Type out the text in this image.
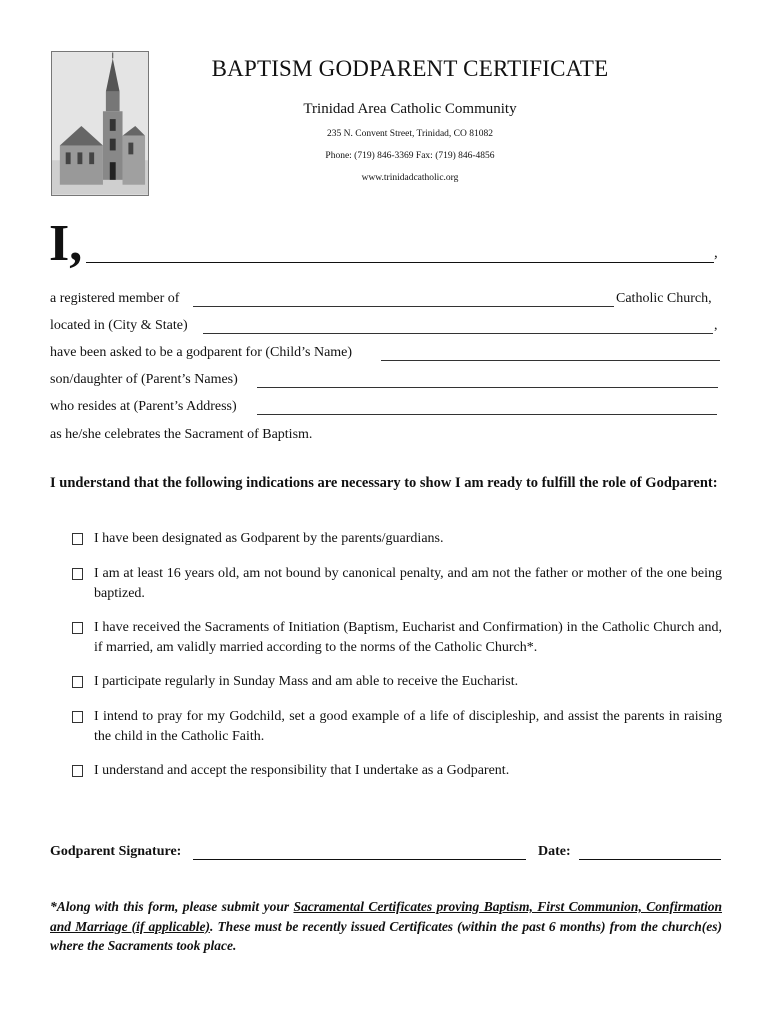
BAPTISM GODPARENT CERTIFICATE
Trinidad Area Catholic Community
235 N. Convent Street, Trinidad, CO 81082
Phone: (719) 846-3369 Fax: (719) 846-4856
www.trinidadcatholic.org
I,	,
a registered member of	Catholic Church,
located in (City & State)	,
have been asked to be a godparent for (Child’s Name)
son/daughter of (Parent’s Names)
who resides at (Parent’s Address)
as he/she celebrates the Sacrament of Baptism.
I understand that the following indications are necessary to show I am ready to fulfill the role of Godparent:
I have been designated as Godparent by the parents/guardians.
I am at least 16 years old, am not bound by canonical penalty, and am not the father or mother of the one being baptized.
I have received the Sacraments of Initiation (Baptism, Eucharist and Confirmation) in the Catholic Church and, if married, am validly married according to the norms of the Catholic Church*.
I participate regularly in Sunday Mass and am able to receive the Eucharist.
I intend to pray for my Godchild, set a good example of a life of discipleship, and assist the parents in raising the child in the Catholic Faith.
I understand and accept the responsibility that I undertake as a Godparent.
Godparent Signature:	Date:
*Along with this form, please submit your Sacramental Certificates proving Baptism, First Communion, Confirmation and Marriage (if applicable). These must be recently issued Certificates (within the past 6 months) from the church(es) where the Sacraments took place.
